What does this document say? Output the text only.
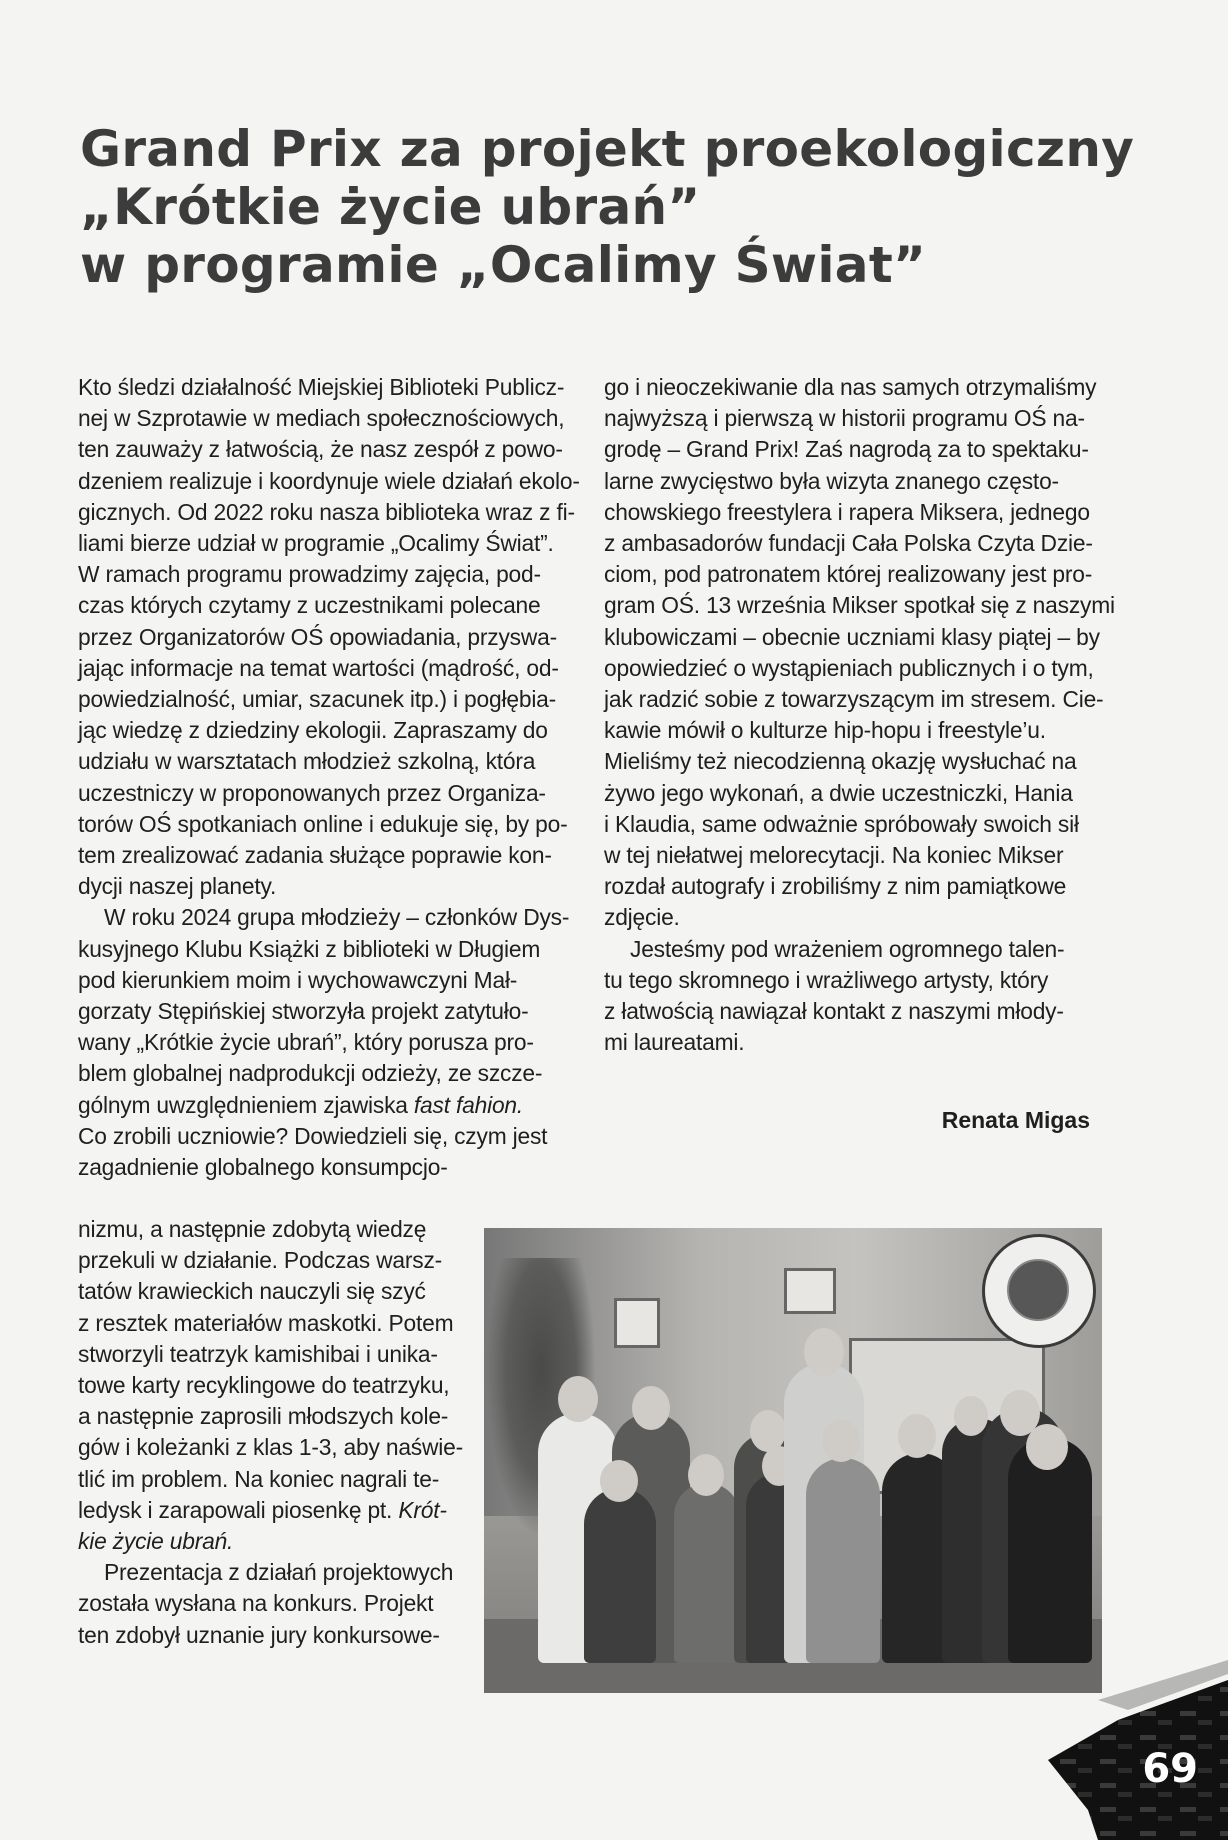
Grand Prix za projekt proekologiczny
„Krótkie życie ubrań”
w programie „Ocalimy Świat”

Kto śledzi działalność Miejskiej Biblioteki Publicz-
nej w Szprotawie w mediach społecznościowych,
ten zauważy z łatwością, że nasz zespół z powo-
dzeniem realizuje i koordynuje wiele działań ekolo-
gicznych. Od 2022 roku nasza biblioteka wraz z fi-
liami bierze udział w programie „Ocalimy Świat”.
W ramach programu prowadzimy zajęcia, pod-
czas których czytamy z uczestnikami polecane
przez Organizatorów OŚ opowiadania, przyswa-
jając informacje na temat wartości (mądrość, od-
powiedzialność, umiar, szacunek itp.) i pogłębia-
jąc wiedzę z dziedziny ekologii. Zapraszamy do
udziału w warsztatach młodzież szkolną, która
uczestniczy w proponowanych przez Organiza-
torów OŚ spotkaniach online i edukuje się, by po-
tem zrealizować zadania służące poprawie kon-
dycji naszej planety.

W roku 2024 grupa młodzieży – członków Dys-
kusyjnego Klubu Książki z biblioteki w Długiem
pod kierunkiem moim i wychowawczyni Mał-
gorzaty Stępińskiej stworzyła projekt zatytuło-
wany „Krótkie życie ubrań”, który porusza pro-
blem globalnej nadprodukcji odzieży, ze szcze-
gólnym uwzględnieniem zjawiska fast fahion.
Co zrobili uczniowie? Dowiedzieli się, czym jest
zagadnienie globalnego konsumpcjo-

nizmu, a następnie zdobytą wiedzę
przekuli w działanie. Podczas warsz-
tatów krawieckich nauczyli się szyć
z resztek materiałów maskotki. Potem
stworzyli teatrzyk kamishibai i unika-
towe karty recyklingowe do teatrzyku,
a następnie zaprosili młodszych kole-
gów i koleżanki z klas 1-3, aby naświe-
tlić im problem. Na koniec nagrali te-
ledysk i zarapowali piosenkę pt. Krót-
kie życie ubrań.

Prezentacja z działań projektowych
została wysłana na konkurs. Projekt
ten zdobył uznanie jury konkursowe-

go i nieoczekiwanie dla nas samych otrzymaliśmy
najwyższą i pierwszą w historii programu OŚ na-
grodę – Grand Prix! Zaś nagrodą za to spektaku-
larne zwycięstwo była wizyta znanego często-
chowskiego freestylera i rapera Miksera, jednego
z ambasadorów fundacji Cała Polska Czyta Dzie-
ciom, pod patronatem której realizowany jest pro-
gram OŚ. 13 września Mikser spotkał się z naszymi
klubowiczami – obecnie uczniami klasy piątej – by
opowiedzieć o wystąpieniach publicznych i o tym,
jak radzić sobie z towarzyszącym im stresem. Cie-
kawie mówił o kulturze hip-hopu i freestyle’u.
Mieliśmy też niecodzienną okazję wysłuchać na
żywo jego wykonań, a dwie uczestniczki, Hania
i Klaudia, same odważnie spróbowały swoich sił
w tej niełatwej melorecytacji. Na koniec Mikser
rozdał autografy i zrobiliśmy z nim pamiątkowe
zdjęcie.

Jesteśmy pod wrażeniem ogromnego talen-
tu tego skromnego i wrażliwego artysty, który
z łatwością nawiązał kontakt z naszymi młody-
mi laureatami.

Renata Migas
69
